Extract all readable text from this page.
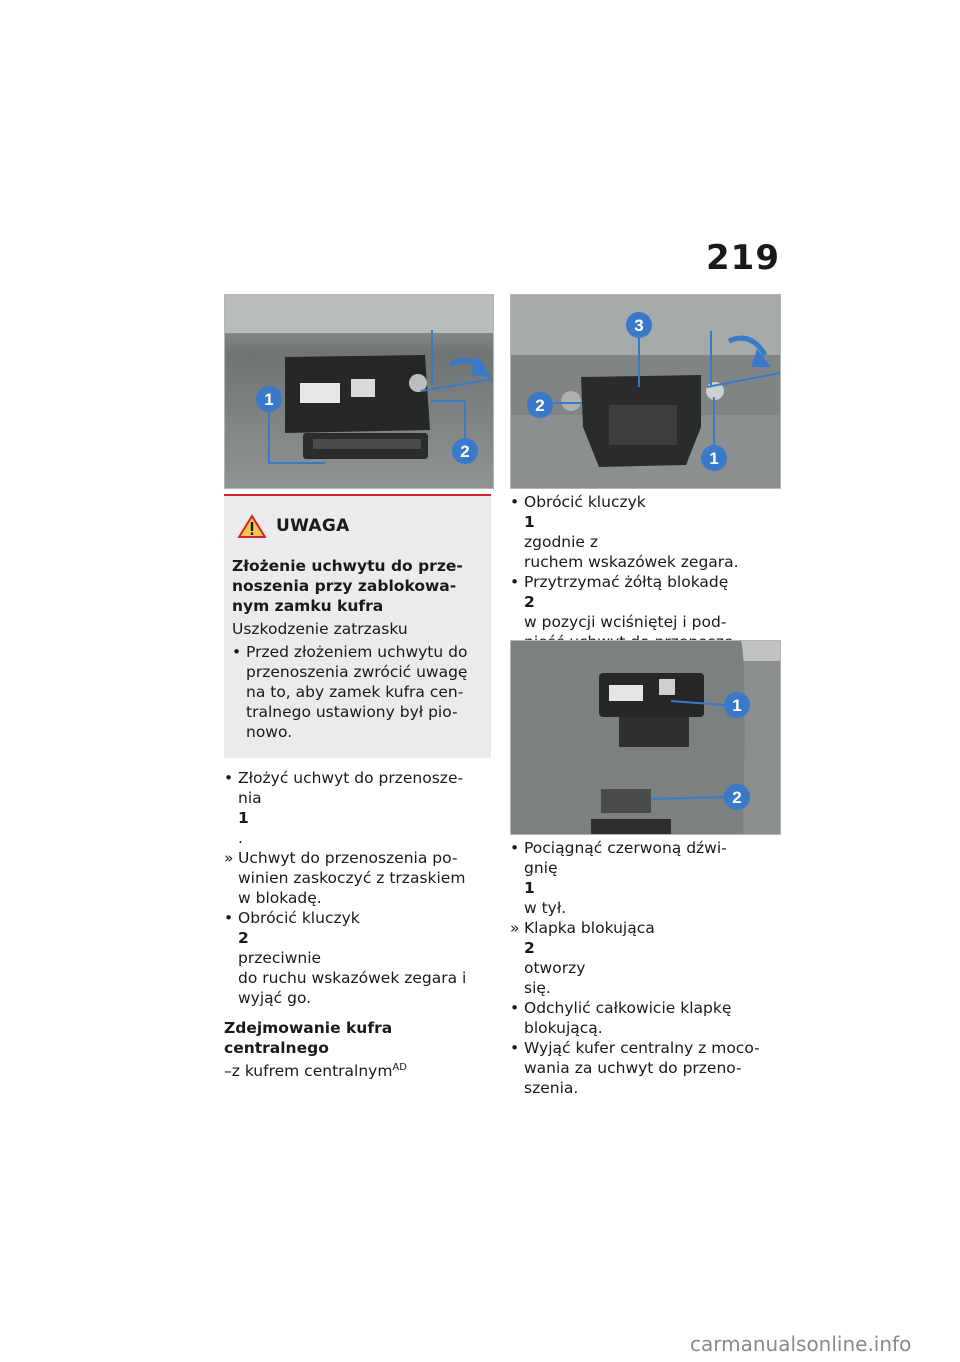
219
1
2
3
2
1
UWAGA
Złożenie uchwytu do prze-
noszenia przy zablokowa-
nym zamku kufra
Uszkodzenie zatrzasku
• Przed złożeniem uchwytu do
przenoszenia zwrócić uwagę
na to, aby zamek kufra cen-
tralnego ustawiony był pio-
nowo.
• Złożyć uchwyt do przenosze-
nia
1
.
» Uchwyt do przenoszenia po-
winien zaskoczyć z trzaskiem
w blokadę.
• Obrócić kluczyk
2
przeciwnie
do ruchu wskazówek zegara i
wyjąć go.
Zdejmowanie kufra
centralnego
–z kufrem centralnym$^{AD}$
• Obrócić kluczyk
1
zgodnie z
ruchem wskazówek zegara.
• Przytrzymać żółtą blokadę
2
w pozycji wciśniętej i pod-
1
2
• Pociągnąć czerwoną dźwi-
gnię
1
w tył.
» Klapka blokująca
2
otworzy
się.
• Odchylić całkowicie klapkę
blokującą.
• Wyjąć kufer centralny z moco-
wania za uchwyt do przeno-
szenia.
carmanualsonline.info
